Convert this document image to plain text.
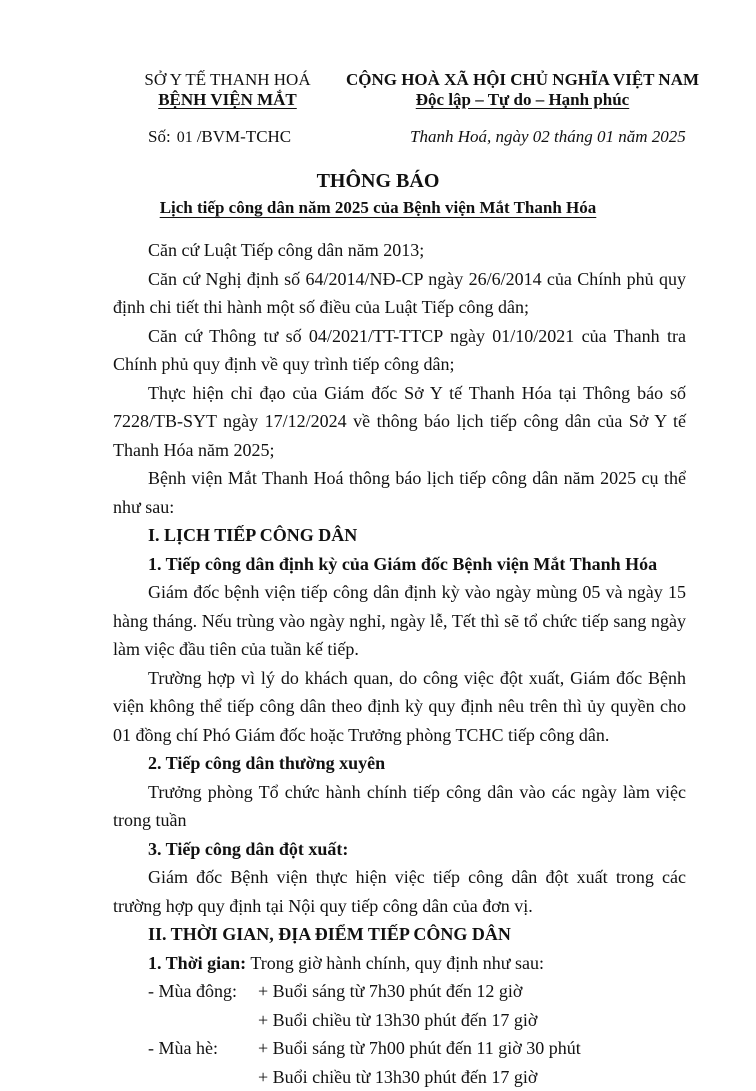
SỞ Y TẾ THANH HOÁ
BỆNH VIỆN MẮT
CỘNG HOÀ XÃ HỘI CHỦ NGHĨA VIỆT NAM
Độc lập – Tự do – Hạnh phúc
Số: 01 /BVM-TCHC	Thanh Hoá, ngày 02 tháng 01 năm 2025
THÔNG BÁO
Lịch tiếp công dân năm 2025 của Bệnh viện Mắt Thanh Hóa

Căn cứ Luật Tiếp công dân năm 2013;

Căn cứ Nghị định số 64/2014/NĐ-CP ngày 26/6/2014 của Chính phủ quy định chi tiết thi hành một số điều của Luật Tiếp công dân;

Căn cứ Thông tư số 04/2021/TT-TTCP ngày 01/10/2021 của Thanh tra Chính phủ quy định về quy trình tiếp công dân;

Thực hiện chỉ đạo của Giám đốc Sở Y tế Thanh Hóa tại Thông báo số 7228/TB-SYT ngày 17/12/2024 về thông báo lịch tiếp công dân của Sở Y tế Thanh Hóa năm 2025;

Bệnh viện Mắt Thanh Hoá thông báo lịch tiếp công dân năm 2025 cụ thể như sau:

I. LỊCH TIẾP CÔNG DÂN

1. Tiếp công dân định kỳ của Giám đốc Bệnh viện Mắt Thanh Hóa

Giám đốc bệnh viện tiếp công dân định kỳ vào ngày mùng 05 và ngày 15 hàng tháng. Nếu trùng vào ngày nghỉ, ngày lễ, Tết thì sẽ tổ chức tiếp sang ngày làm việc đầu tiên của tuần kế tiếp.

Trường hợp vì lý do khách quan, do công việc đột xuất, Giám đốc Bệnh viện không thể tiếp công dân theo định kỳ quy định nêu trên thì ủy quyền cho 01 đồng chí Phó Giám đốc hoặc Trưởng phòng TCHC tiếp công dân.

2. Tiếp công dân thường xuyên

Trưởng phòng Tổ chức hành chính tiếp công dân vào các ngày làm việc trong tuần

3. Tiếp công dân đột xuất:

Giám đốc Bệnh viện thực hiện việc tiếp công dân đột xuất trong các trường hợp quy định tại Nội quy tiếp công dân của đơn vị.

II. THỜI GIAN, ĐỊA ĐIỂM TIẾP CÔNG DÂN

1. Thời gian: Trong giờ hành chính, quy định như sau:

- Mùa đông: + Buổi sáng từ 7h30 phút đến 12 giờ
+ Buổi chiều từ 13h30 phút đến 17 giờ
- Mùa hè: + Buổi sáng từ 7h00 phút đến 11 giờ 30 phút
+ Buổi chiều từ 13h30 phút đến 17 giờ
